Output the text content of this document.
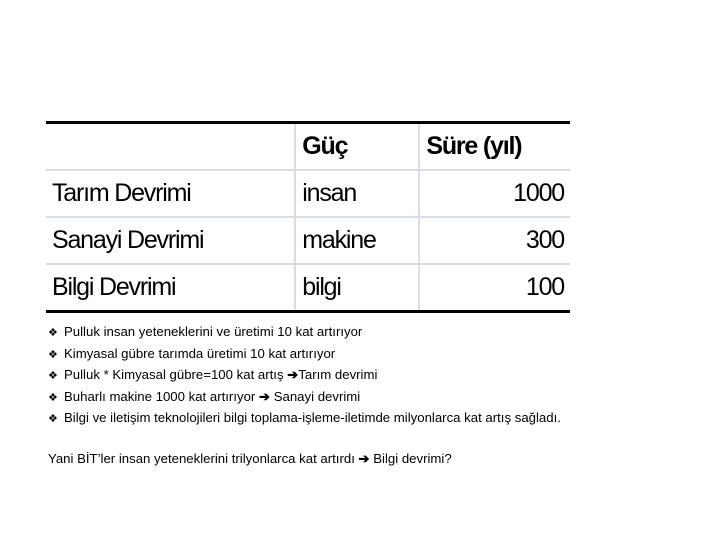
	Güç	Süre (yıl)
Tarım Devrimi	insan	1000
Sanayi Devrimi	makine	300
Bilgi Devrimi	bilgi	100
❖ Pulluk insan yeteneklerini ve üretimi 10 kat artırıyor
❖ Kimyasal gübre tarımda üretimi 10 kat artırıyor
❖ Pulluk * Kimyasal gübre=100 kat artış ➔Tarım devrimi
❖ Buharlı makine 1000 kat artırıyor ➔ Sanayi devrimi
❖ Bilgi ve iletişim teknolojileri bilgi toplama-işleme-iletimde milyonlarca kat artış sağladı.
Yani BİT’ler insan yeteneklerini trilyonlarca kat artırdı ➔ Bilgi devrimi?
